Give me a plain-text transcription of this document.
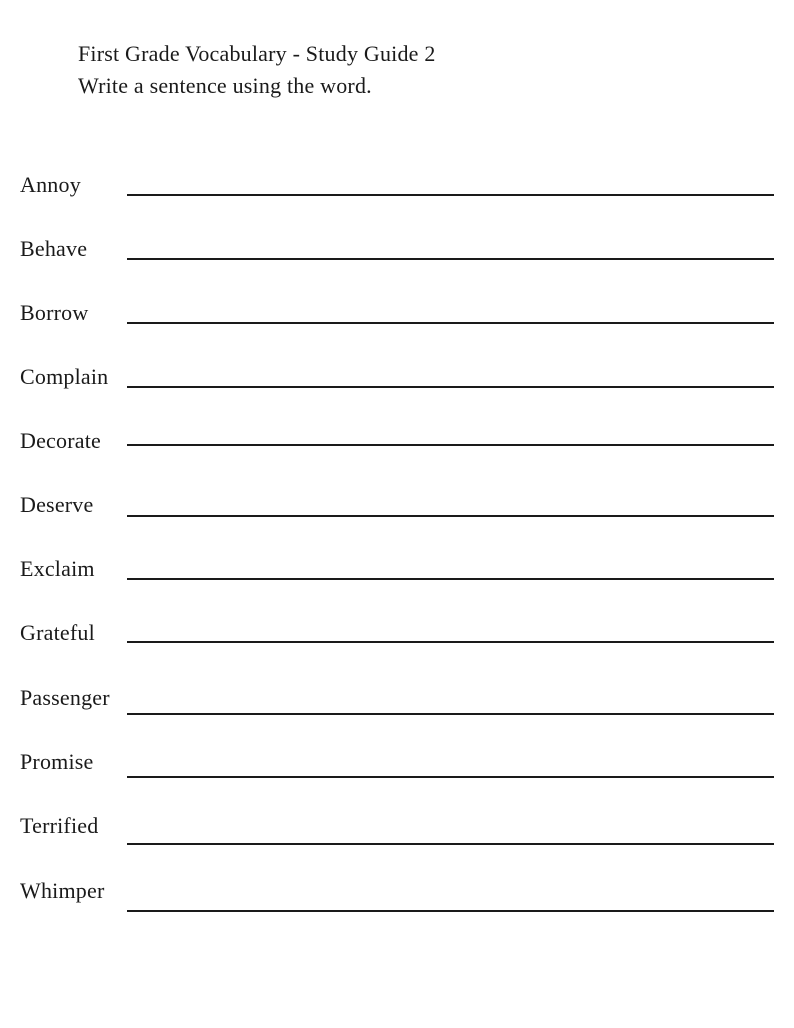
First Grade Vocabulary - Study Guide 2
Write a sentence using the word.
Annoy
Behave
Borrow
Complain
Decorate
Deserve
Exclaim
Grateful
Passenger
Promise
Terrified
Whimper
